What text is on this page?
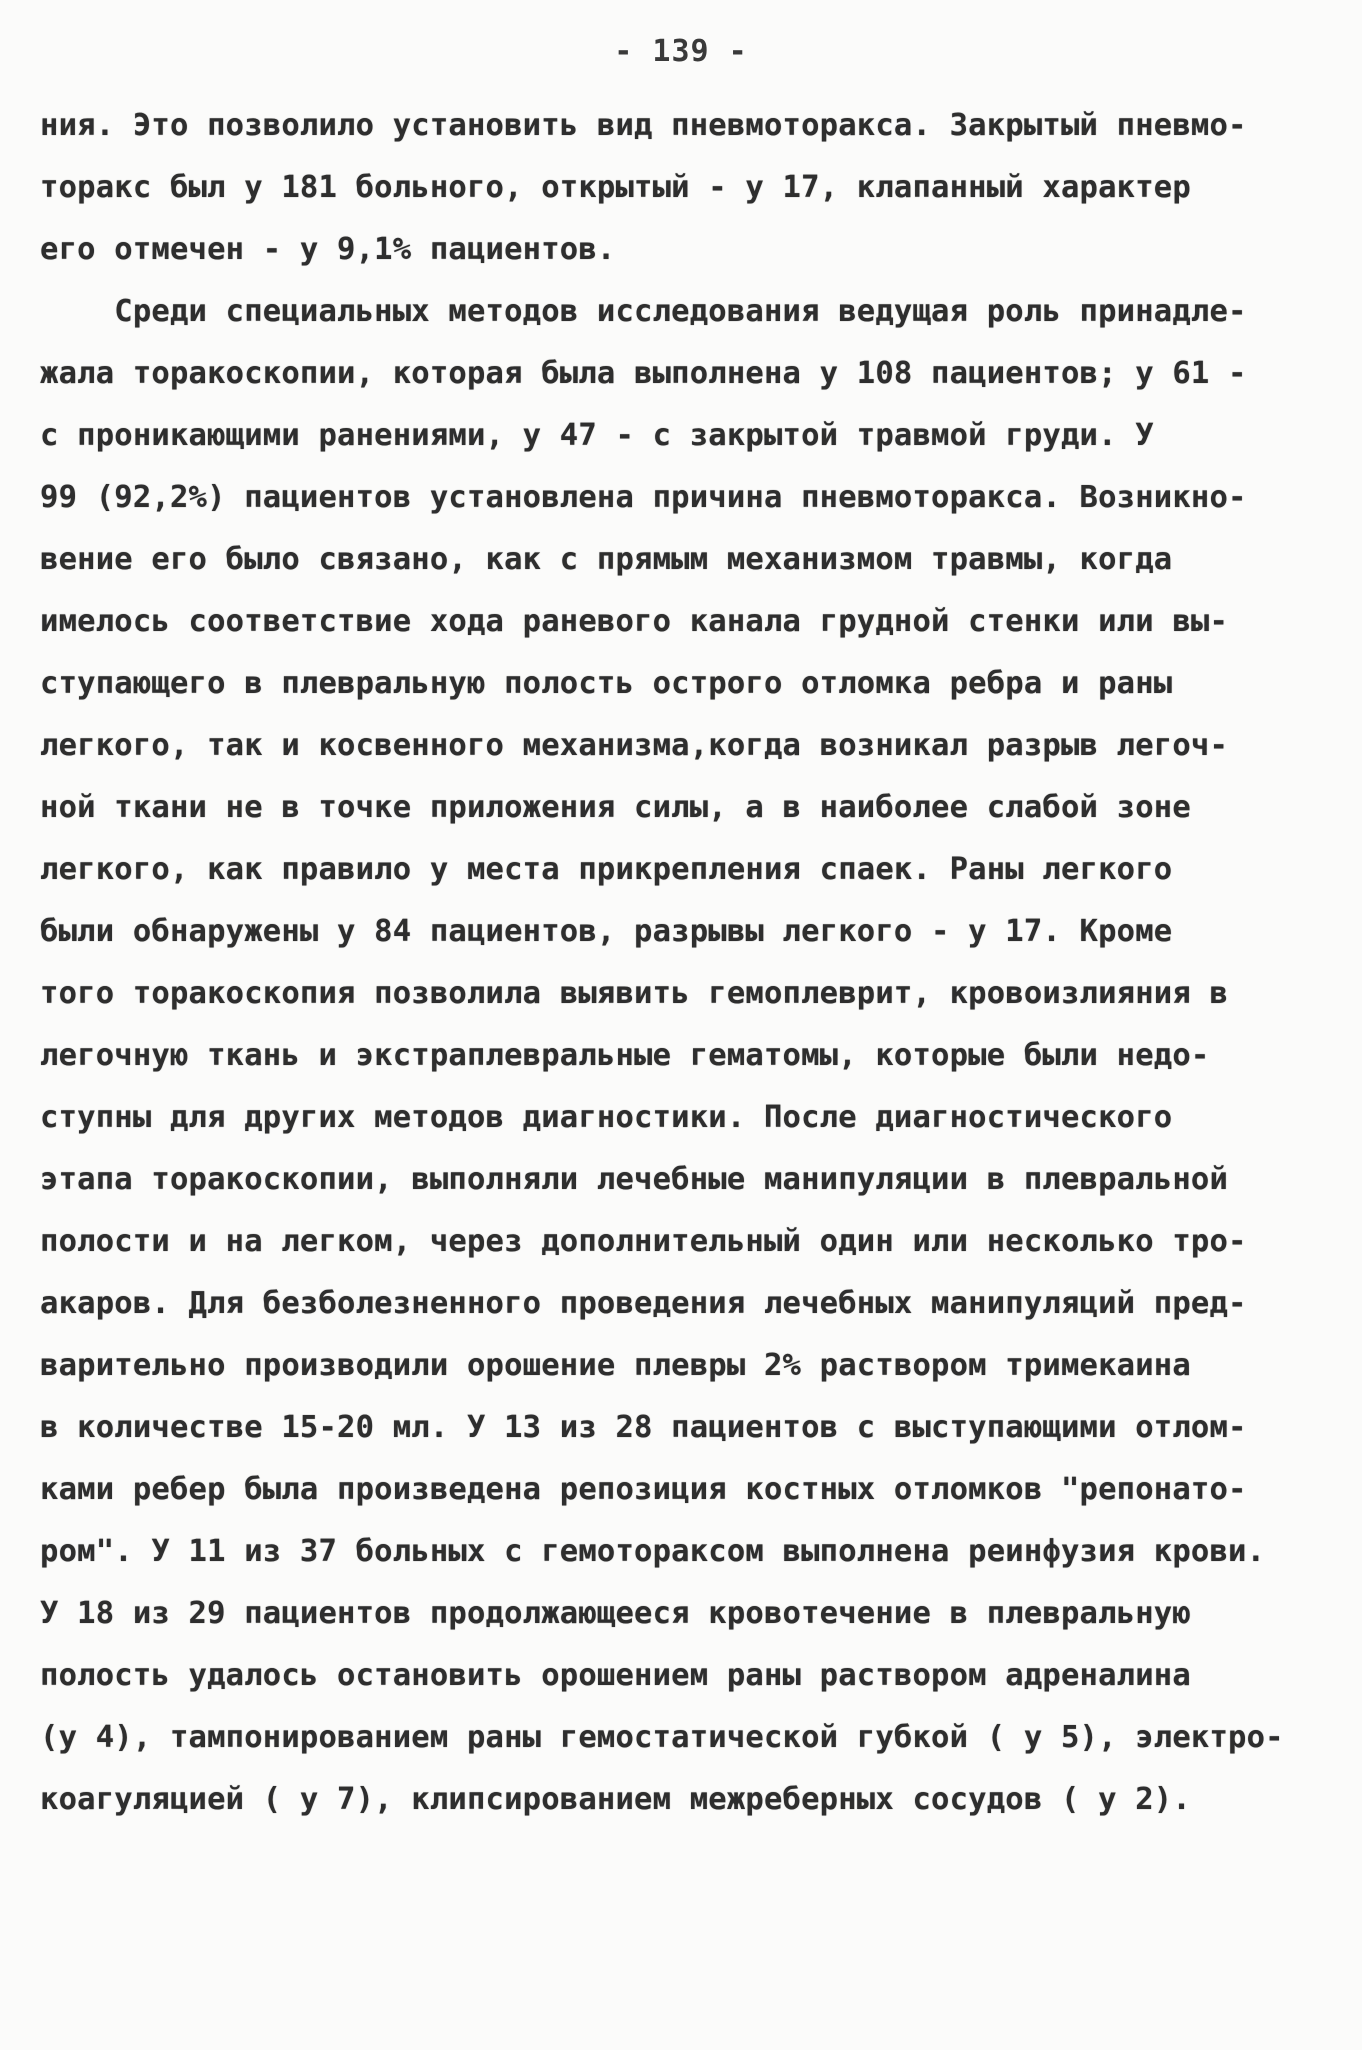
- 139 -
ния. Это позволило установить вид пневмоторакса. Закрытый пневмо-
торакс был у 181 больного, открытый - у 17, клапанный характер
его отмечен - у 9,1% пациентов.
Среди специальных методов исследования ведущая роль принадле-
жала торакоскопии, которая была выполнена у 108 пациентов; у 61 -
с проникающими ранениями, у 47 - с закрытой травмой груди. У
99 (92,2%) пациентов установлена причина пневмоторакса. Возникно-
вение его было связано, как с прямым механизмом травмы, когда
имелось соответствие хода раневого канала грудной стенки или вы-
ступающего в плевральную полость острого отломка ребра и раны
легкого, так и косвенного механизма,когда возникал разрыв легоч-
ной ткани не в точке приложения силы, а в наиболее слабой зоне
легкого, как правило у места прикрепления спаек. Раны легкого
были обнаружены у 84 пациентов, разрывы легкого - у 17. Кроме
того торакоскопия позволила выявить гемоплеврит, кровоизлияния в
легочную ткань и экстраплевральные гематомы, которые были недо-
ступны для других методов диагностики. После диагностического
этапа торакоскопии, выполняли лечебные манипуляции в плевральной
полости и на легком, через дополнительный один или несколько тро-
акаров. Для безболезненного проведения лечебных манипуляций пред-
варительно производили орошение плевры 2% раствором тримекаина
в количестве 15-20 мл. У 13 из 28 пациентов с выступающими отлом-
ками ребер была произведена репозиция костных отломков "репонато-
ром". У 11 из 37 больных с гемотораксом выполнена реинфузия крови.
У 18 из 29 пациентов продолжающееся кровотечение в плевральную
полость удалось остановить орошением раны раствором адреналина
(у 4), тампонированием раны гемостатической губкой ( у 5), электро-
коагуляцией ( у 7), клипсированием межреберных сосудов ( у 2).
